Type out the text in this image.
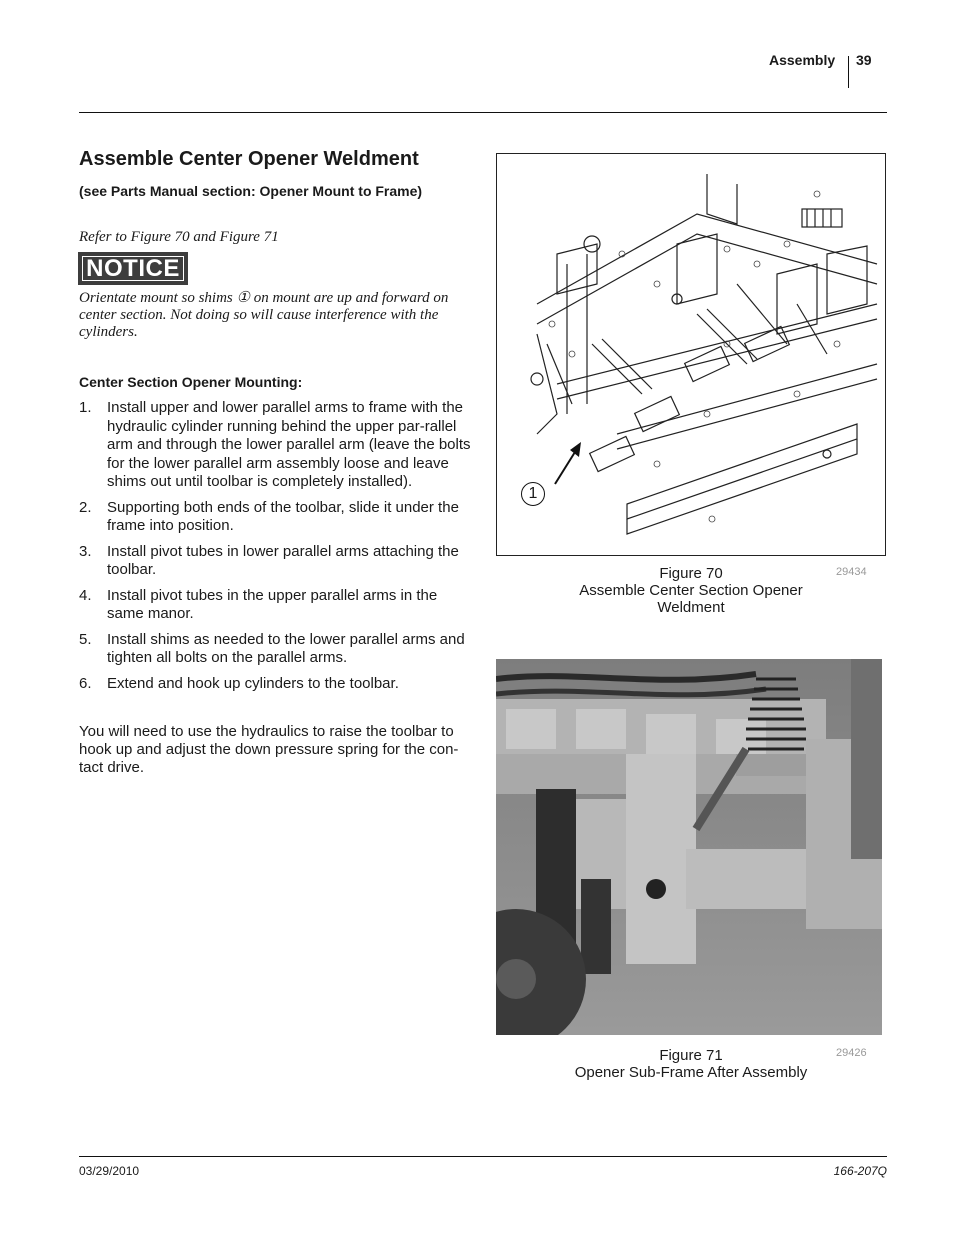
Assembly 39
Assemble Center Opener Weldment
(see Parts Manual section: Opener Mount to Frame)
Refer to Figure 70 and Figure 71
NOTICE
Orientate mount so shims ① on mount are up and forward on center section. Not doing so will cause interference with the cylinders.
Center Section Opener Mounting:
1.	Install upper and lower parallel arms to frame with the hydraulic cylinder running behind the upper par-rallel arm and through the lower parallel arm (leave the bolts for the lower parallel arm assembly loose and leave shims out until toolbar is completely installed).
2.	Supporting both ends of the toolbar, slide it under the frame into position.
3.	Install pivot tubes in lower parallel arms attaching the toolbar.
4.	Install pivot tubes in the upper parallel arms in the same manor.
5.	Install shims as needed to the lower parallel arms and tighten all bolts on the parallel arms.
6.	Extend and hook up cylinders to the toolbar.
You will need to use the hydraulics to raise the toolbar to hook up and adjust the down pressure spring for the con-tact drive.
1
Figure 70
Assemble Center Section Opener Weldment
29434
Figure 71
Opener Sub-Frame After Assembly
29426
03/29/2010	166-207Q
